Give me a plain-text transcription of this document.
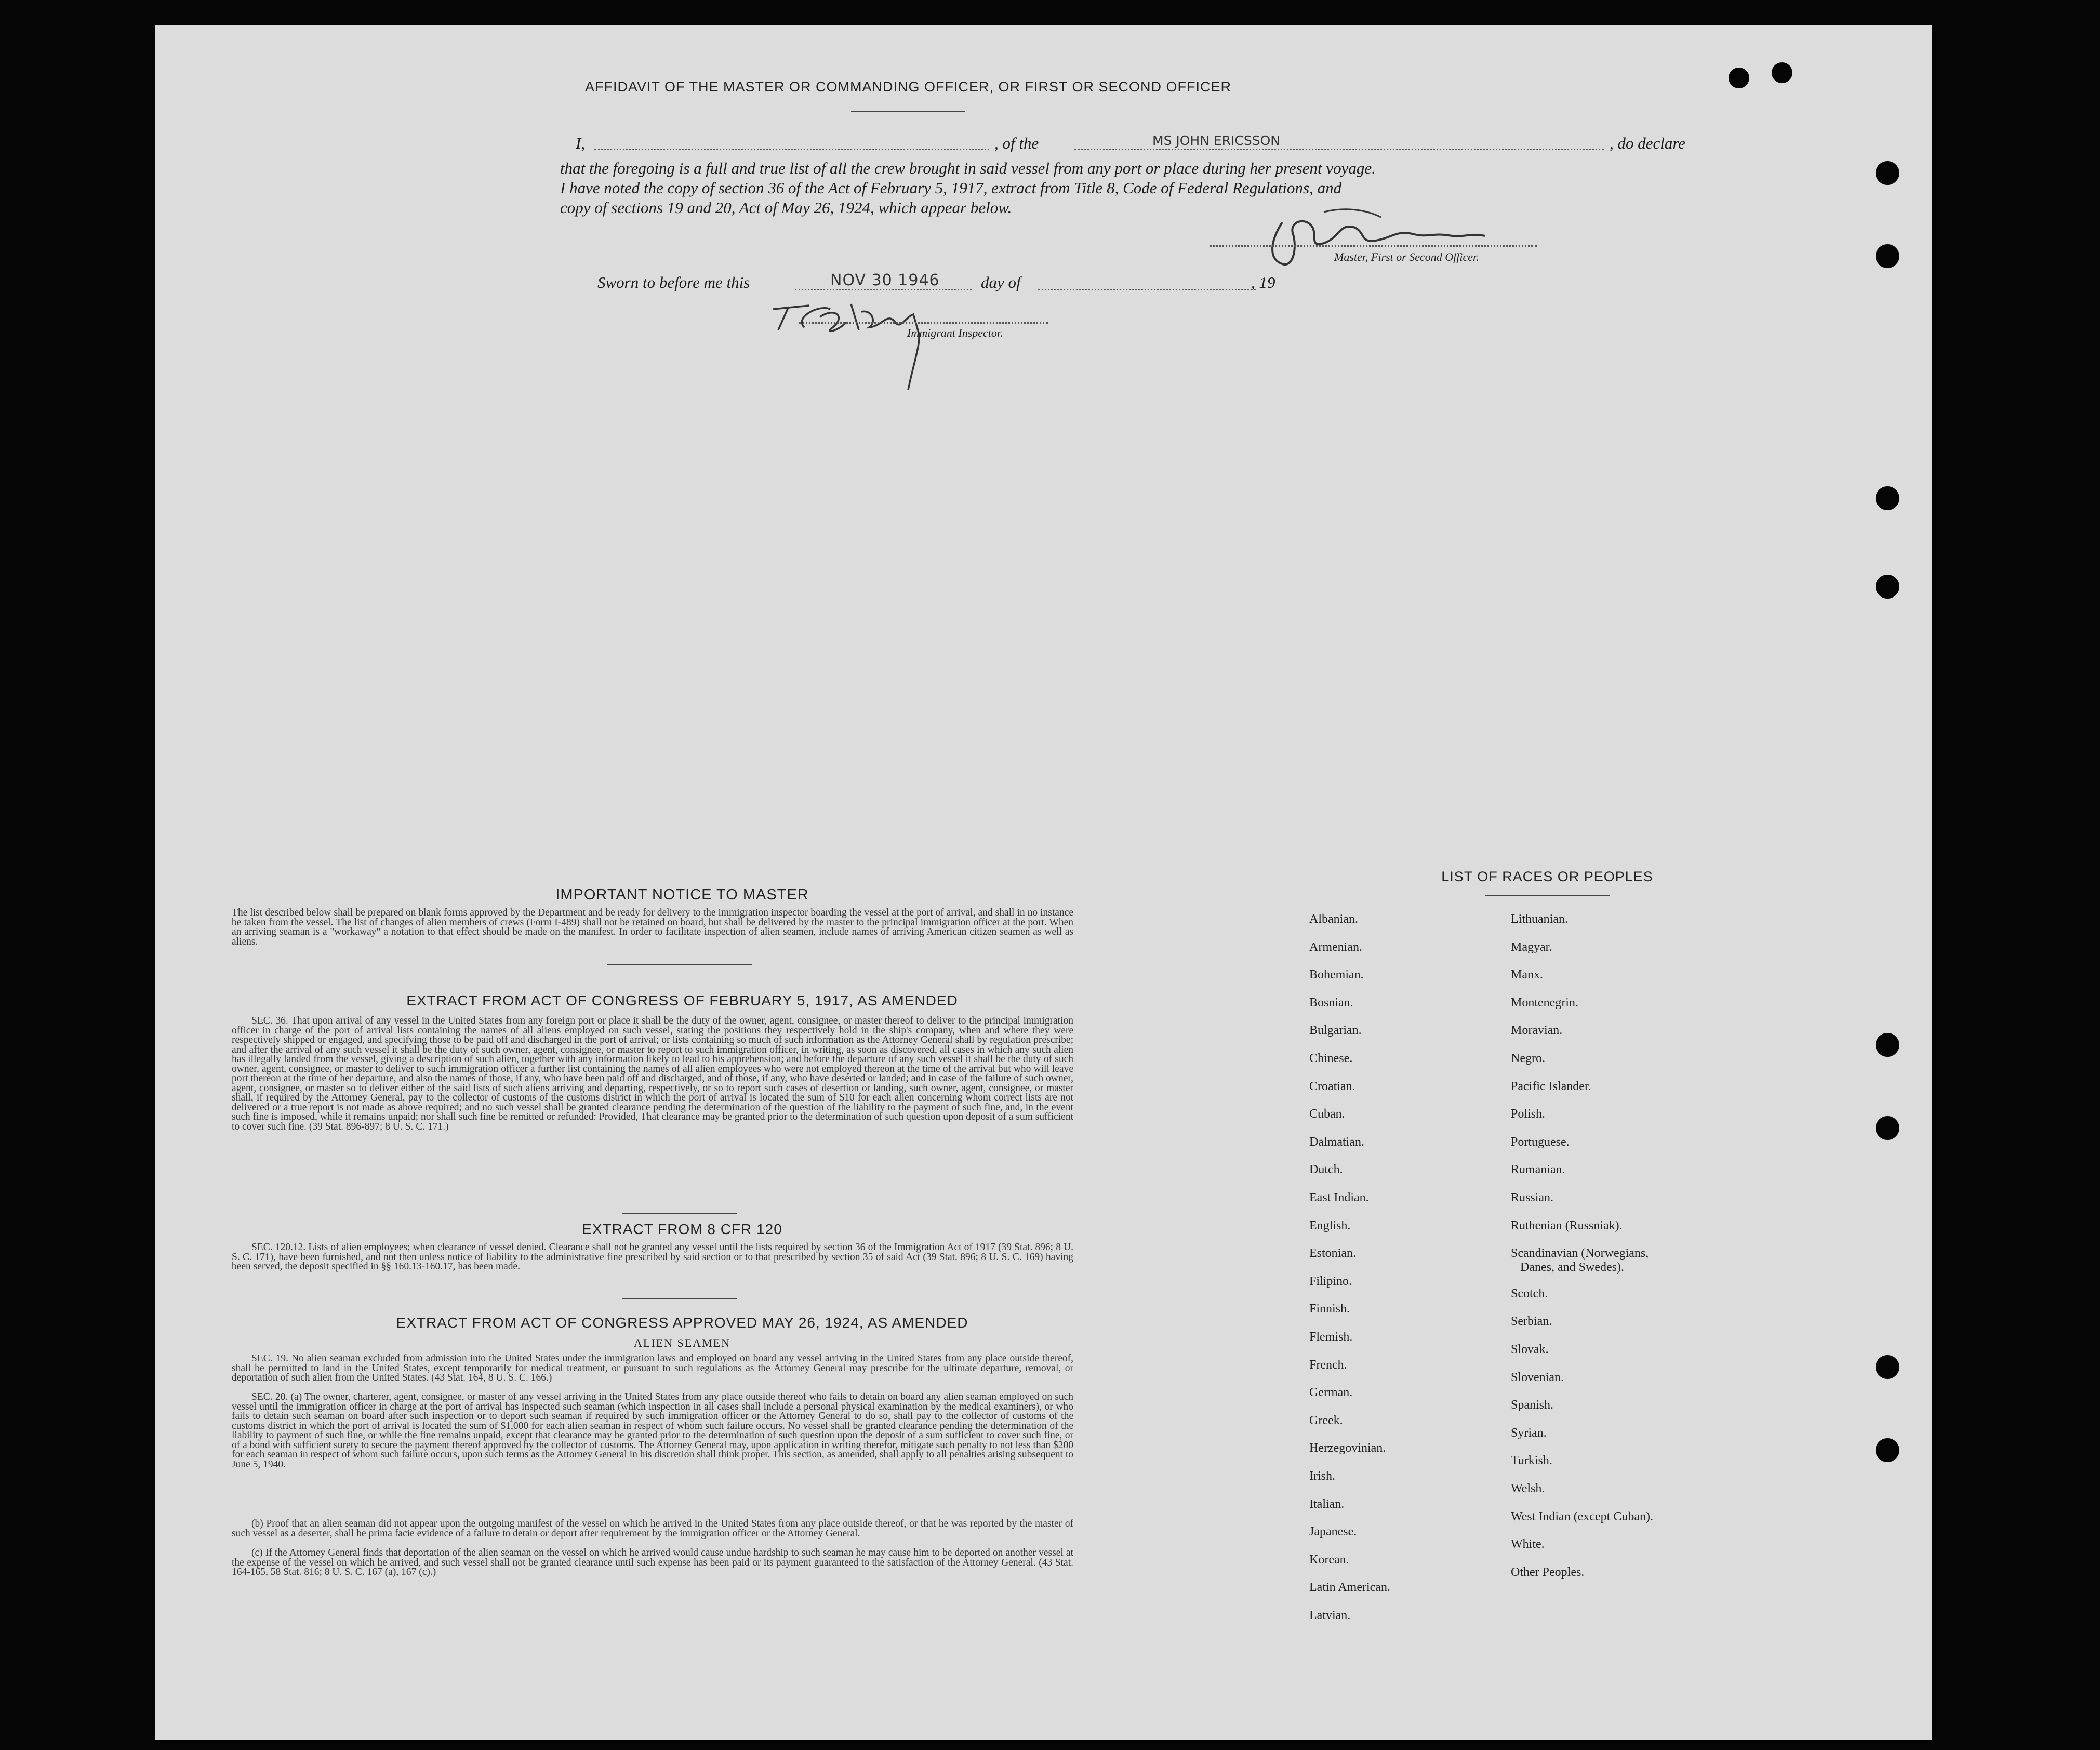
AFFIDAVIT OF THE MASTER OR COMMANDING OFFICER, OR FIRST OR SECOND OFFICER
I,	, of the	MS JOHN ERICSSON	, do declare
that the foregoing is a full and true list of all the crew brought in said vessel from any port or place during her present voyage.
I have noted the copy of section 36 of the Act of February 5, 1917, extract from Title 8, Code of Federal Regulations, and
copy of sections 19 and 20, Act of May 26, 1924, which appear below.
Master, First or Second Officer.
Sworn to before me this	NOV 30 1946	day of	, 19
Immigrant Inspector.
IMPORTANT NOTICE TO MASTER
The list described below shall be prepared on blank forms approved by the Department and be ready for delivery to the immigration inspector boarding the vessel at the port of arrival, and shall in no instance be taken from the vessel. The list of changes of alien members of crews (Form I-489) shall not be retained on board, but shall be delivered by the master to the principal immigration officer at the port. When an arriving seaman is a "workaway" a notation to that effect should be made on the manifest. In order to facilitate inspection of alien seamen, include names of arriving American citizen seamen as well as aliens.
EXTRACT FROM ACT OF CONGRESS OF FEBRUARY 5, 1917, AS AMENDED
SEC. 36. That upon arrival of any vessel in the United States from any foreign port or place it shall be the duty of the owner, agent, consignee, or master thereof to deliver to the principal immigration officer in charge of the port of arrival lists containing the names of all aliens employed on such vessel, stating the positions they respectively hold in the ship's company, when and where they were respectively shipped or engaged, and specifying those to be paid off and discharged in the port of arrival; or lists containing so much of such information as the Attorney General shall by regulation prescribe; and after the arrival of any such vessel it shall be the duty of such owner, agent, consignee, or master to report to such immigration officer, in writing, as soon as discovered, all cases in which any such alien has illegally landed from the vessel, giving a description of such alien, together with any information likely to lead to his apprehension; and before the departure of any such vessel it shall be the duty of such owner, agent, consignee, or master to deliver to such immigration officer a further list containing the names of all alien employees who were not employed thereon at the time of the arrival but who will leave port thereon at the time of her departure, and also the names of those, if any, who have been paid off and discharged, and of those, if any, who have deserted or landed; and in case of the failure of such owner, agent, consignee, or master so to deliver either of the said lists of such aliens arriving and departing, respectively, or so to report such cases of desertion or landing, such owner, agent, consignee, or master shall, if required by the Attorney General, pay to the collector of customs of the customs district in which the port of arrival is located the sum of $10 for each alien concerning whom correct lists are not delivered or a true report is not made as above required; and no such vessel shall be granted clearance pending the determination of the question of the liability to the payment of such fine, and, in the event such fine is imposed, while it remains unpaid; nor shall such fine be remitted or refunded: Provided, That clearance may be granted prior to the determination of such question upon deposit of a sum sufficient to cover such fine. (39 Stat. 896-897; 8 U. S. C. 171.)
EXTRACT FROM 8 CFR 120
SEC. 120.12. Lists of alien employees; when clearance of vessel denied. Clearance shall not be granted any vessel until the lists required by section 36 of the Immigration Act of 1917 (39 Stat. 896; 8 U. S. C. 171), have been furnished, and not then unless notice of liability to the administrative fine prescribed by said section or to that prescribed by section 35 of said Act (39 Stat. 896; 8 U. S. C. 169) having been served, the deposit specified in §§ 160.13-160.17, has been made.
EXTRACT FROM ACT OF CONGRESS APPROVED MAY 26, 1924, AS AMENDED
ALIEN SEAMEN
SEC. 19. No alien seaman excluded from admission into the United States under the immigration laws and employed on board any vessel arriving in the United States from any place outside thereof, shall be permitted to land in the United States, except temporarily for medical treatment, or pursuant to such regulations as the Attorney General may prescribe for the ultimate departure, removal, or deportation of such alien from the United States. (43 Stat. 164, 8 U. S. C. 166.)
SEC. 20. (a) The owner, charterer, agent, consignee, or master of any vessel arriving in the United States from any place outside thereof who fails to detain on board any alien seaman employed on such vessel until the immigration officer in charge at the port of arrival has inspected such seaman (which inspection in all cases shall include a personal physical examination by the medical examiners), or who fails to detain such seaman on board after such inspection or to deport such seaman if required by such immigration officer or the Attorney General to do so, shall pay to the collector of customs of the customs district in which the port of arrival is located the sum of $1,000 for each alien seaman in respect of whom such failure occurs. No vessel shall be granted clearance pending the determination of the liability to payment of such fine, or while the fine remains unpaid, except that clearance may be granted prior to the determination of such question upon the deposit of a sum sufficient to cover such fine, or of a bond with sufficient surety to secure the payment thereof approved by the collector of customs. The Attorney General may, upon application in writing therefor, mitigate such penalty to not less than $200 for each seaman in respect of whom such failure occurs, upon such terms as the Attorney General in his discretion shall think proper. This section, as amended, shall apply to all penalties arising subsequent to June 5, 1940.
(b) Proof that an alien seaman did not appear upon the outgoing manifest of the vessel on which he arrived in the United States from any place outside thereof, or that he was reported by the master of such vessel as a deserter, shall be prima facie evidence of a failure to detain or deport after requirement by the immigration officer or the Attorney General.
(c) If the Attorney General finds that deportation of the alien seaman on the vessel on which he arrived would cause undue hardship to such seaman he may cause him to be deported on another vessel at the expense of the vessel on which he arrived, and such vessel shall not be granted clearance until such expense has been paid or its payment guaranteed to the satisfaction of the Attorney General. (43 Stat. 164-165, 58 Stat. 816; 8 U. S. C. 167 (a), 167 (c).)
LIST OF RACES OR PEOPLES
Albanian.
Armenian.
Bohemian.
Bosnian.
Bulgarian.
Chinese.
Croatian.
Cuban.
Dalmatian.
Dutch.
East Indian.
English.
Estonian.
Filipino.
Finnish.
Flemish.
French.
German.
Greek.
Herzegovinian.
Irish.
Italian.
Japanese.
Korean.
Latin American.
Latvian.
Lithuanian.
Magyar.
Manx.
Montenegrin.
Moravian.
Negro.
Pacific Islander.
Polish.
Portuguese.
Rumanian.
Russian.
Ruthenian (Russniak).
Scandinavian (Norwegians,
Danes, and Swedes).
Scotch.
Serbian.
Slovak.
Slovenian.
Spanish.
Syrian.
Turkish.
Welsh.
West Indian (except Cuban).
White.
Other Peoples.
